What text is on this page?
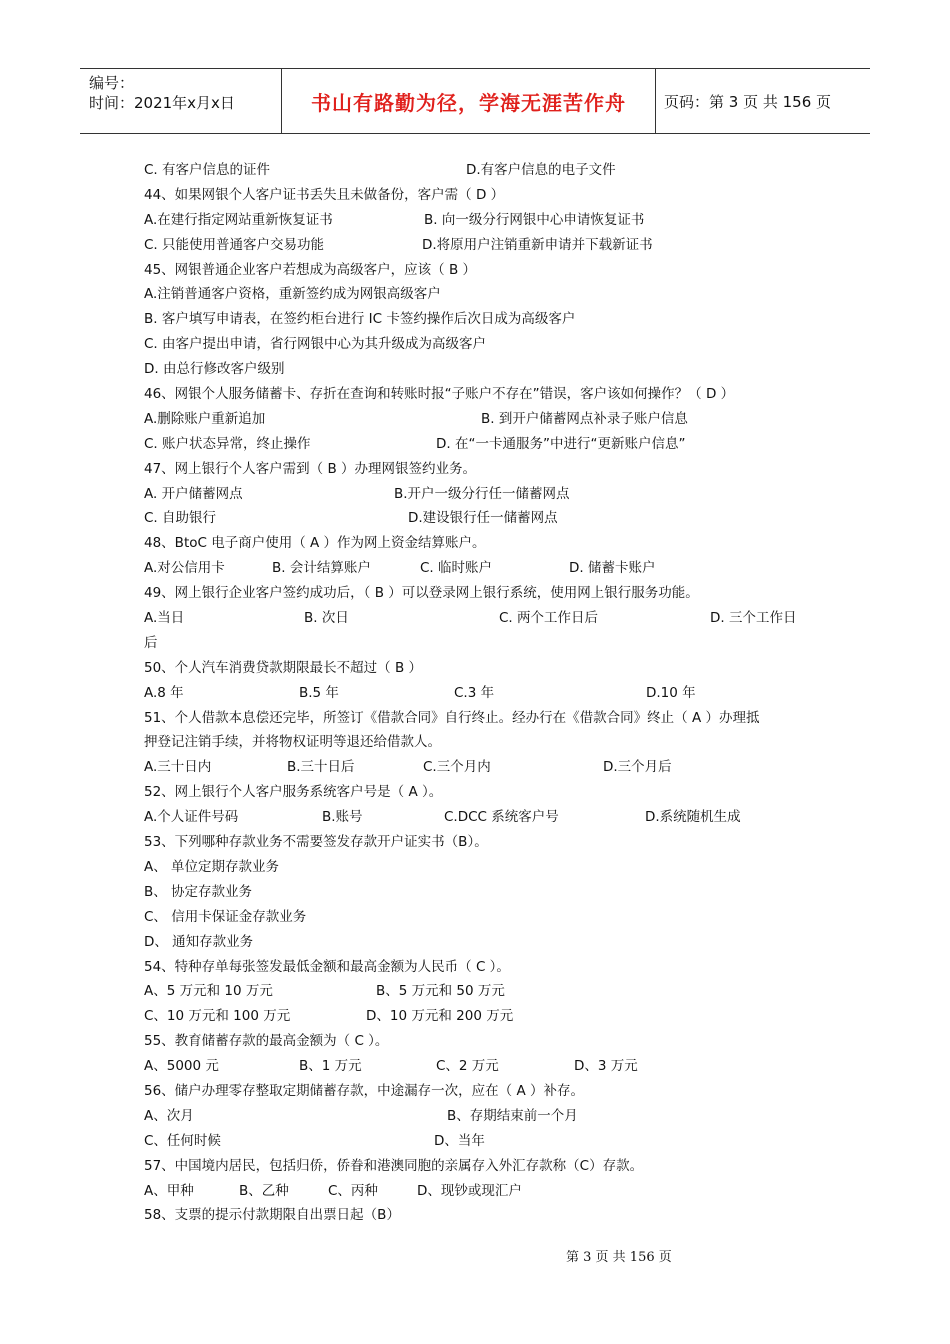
编号：
时间：2021年x月x日	书山有路勤为径，学海无涯苦作舟	页码：第 3 页 共 156 页
C. 有客户信息的证件	D.有客户信息的电子文件
44、如果网银个人客户证书丢失且未做备份，客户需（ D ）
A.在建行指定网站重新恢复证书	B. 向一级分行网银中心申请恢复证书
C. 只能使用普通客户交易功能	D.将原用户注销重新申请并下载新证书
45、网银普通企业客户若想成为高级客户，应该（ B ）
A.注销普通客户资格，重新签约成为网银高级客户
B. 客户填写申请表，在签约柜台进行 IC 卡签约操作后次日成为高级客户
C. 由客户提出申请，省行网银中心为其升级成为高级客户
D. 由总行修改客户级别
46、网银个人服务储蓄卡、存折在查询和转账时报“子账户不存在”错误，客户该如何操作？（ D ）
A.删除账户重新追加	B. 到开户储蓄网点补录子账户信息
C. 账户状态异常，终止操作	D. 在“一卡通服务”中进行“更新账户信息”
47、网上银行个人客户需到（ B ）办理网银签约业务。
A. 开户储蓄网点	B.开户一级分行任一储蓄网点
C. 自助银行	D.建设银行任一储蓄网点
48、BtoC 电子商户使用（ A ）作为网上资金结算账户。
A.对公信用卡	B. 会计结算账户	C. 临时账户	D. 储蓄卡账户
49、网上银行企业客户签约成功后，（ B ）可以登录网上银行系统，使用网上银行服务功能。
A.当日	B. 次日	C. 两个工作日后	D. 三个工作日
后
50、个人汽车消费贷款期限最长不超过（ B ）
A.8 年	B.5 年	C.3 年	D.10 年
51、个人借款本息偿还完毕，所签订《借款合同》自行终止。经办行在《借款合同》终止（ A ）办理抵
押登记注销手续，并将物权证明等退还给借款人。
A.三十日内	B.三十日后	C.三个月内	D.三个月后
52、网上银行个人客户服务系统客户号是（ A ）。
A.个人证件号码	B.账号	C.DCC 系统客户号	D.系统随机生成
53、下列哪种存款业务不需要签发存款开户证实书（B）。
A、 单位定期存款业务
B、 协定存款业务
C、 信用卡保证金存款业务
D、 通知存款业务
54、特种存单每张签发最低金额和最高金额为人民币（ C ）。
A、5 万元和 10 万元	B、5 万元和 50 万元
C、10 万元和 100 万元	D、10 万元和 200 万元
55、教育储蓄存款的最高金额为（ C ）。
A、5000 元	B、1 万元	C、2 万元	D、3 万元
56、储户办理零存整取定期储蓄存款，中途漏存一次，应在（ A ）补存。
A、次月	B、存期结束前一个月
C、任何时候	D、当年
57、中国境内居民，包括归侨，侨眷和港澳同胞的亲属存入外汇存款称（C）存款。
A、甲种	B、乙种	C、丙种	D、现钞或现汇户
58、支票的提示付款期限自出票日起（B）
第 3 页 共 156 页
